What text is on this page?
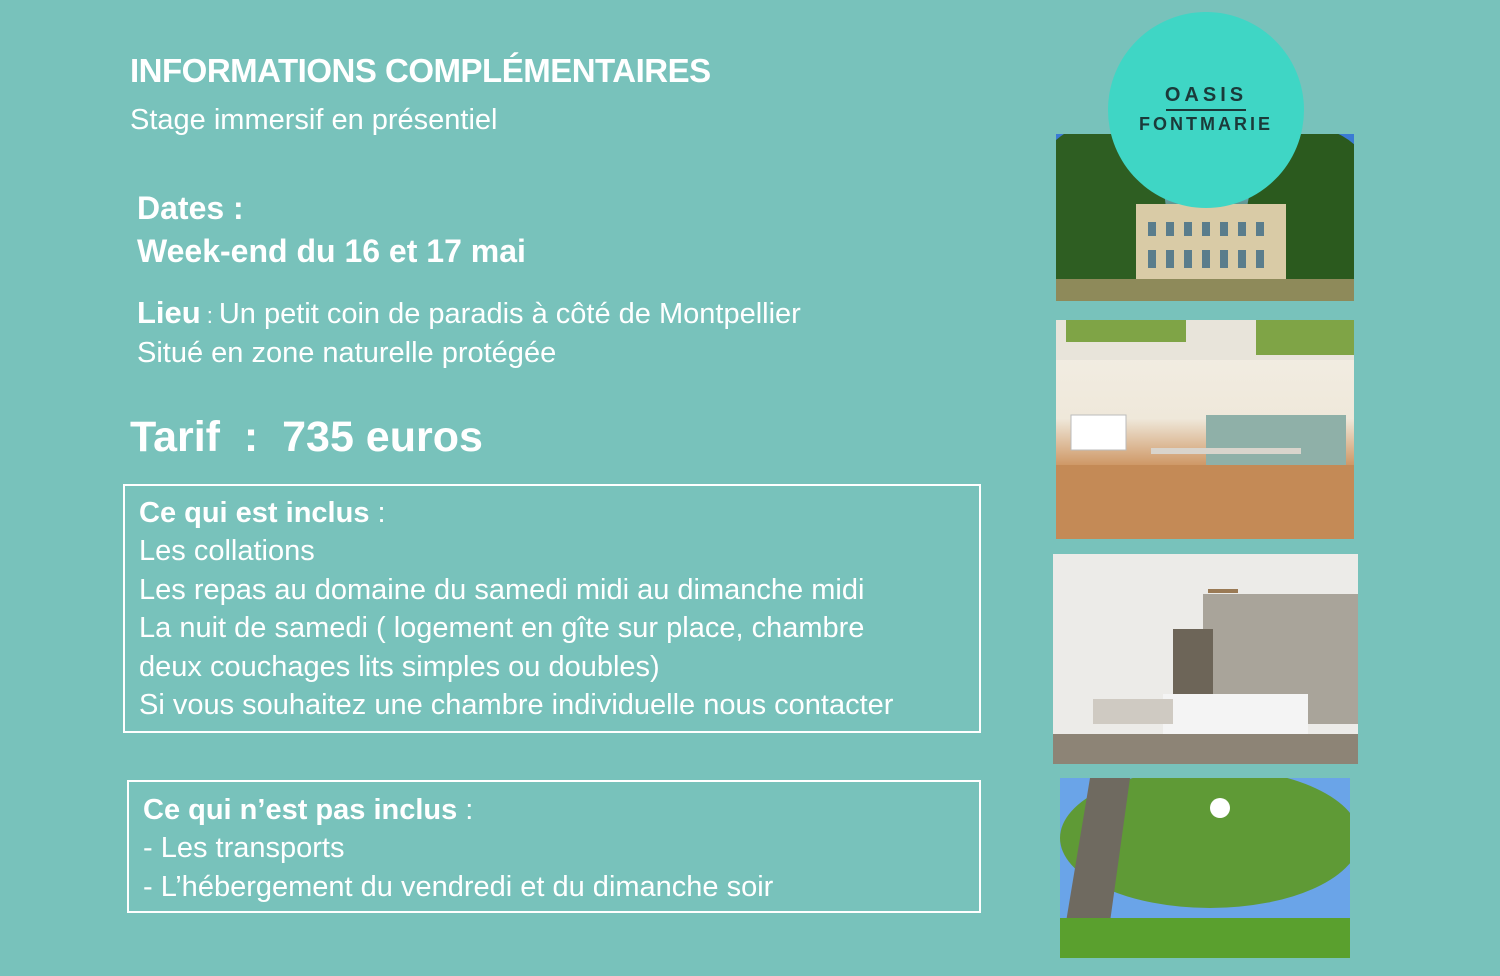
INFORMATIONS COMPLÉMENTAIRES
Stage immersif en présentiel
Dates :
Week-end du 16 et 17 mai
Lieu : Un petit coin de paradis à côté de Montpellier
Situé en zone naturelle protégée
Tarif  : 735 euros
Ce qui est inclus :
Les collations
Les repas au domaine du samedi midi au dimanche midi
La nuit de samedi ( logement en gîte sur place, chambre
deux couchages lits simples ou doubles)
Si vous souhaitez une chambre individuelle nous contacter
Ce qui n’est pas inclus :
- Les transports
- L’hébergement du vendredi et du dimanche soir
OASIS
FONTMARIE
